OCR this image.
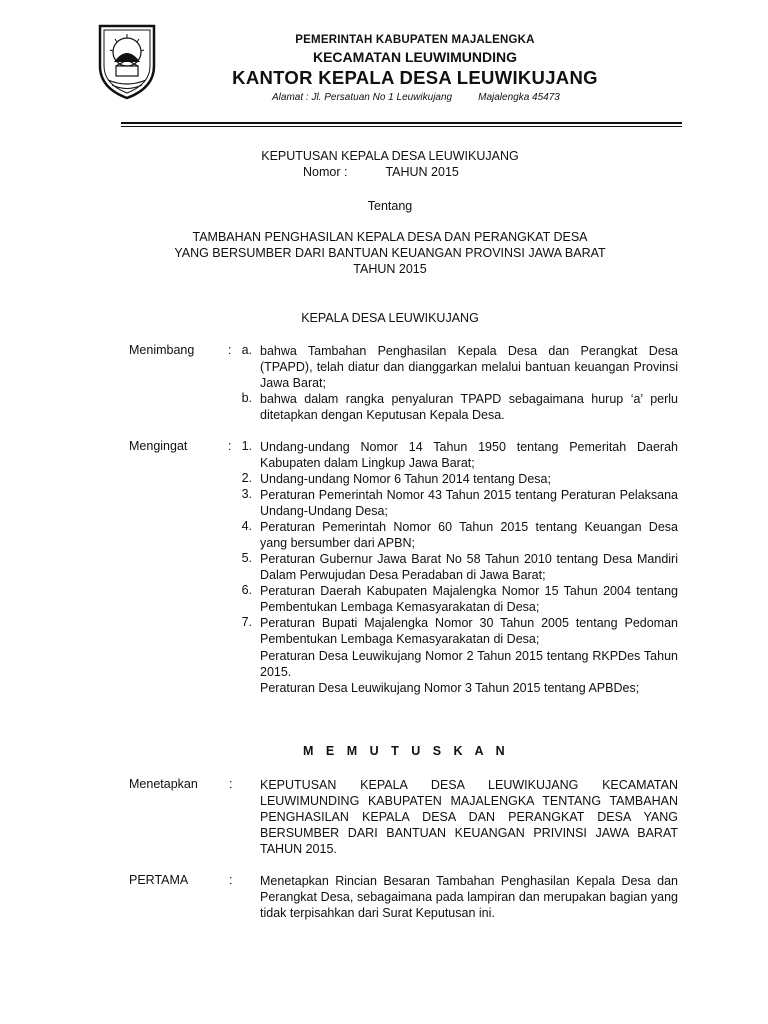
PEMERINTAH KABUPATEN MAJALENGKA
KECAMATAN LEUWIMUNDING
KANTOR KEPALA DESA LEUWIKUJANG
Alamat : Jl. Persatuan No 1 Leuwikujang	Majalengka 45473
KEPUTUSAN KEPALA DESA LEUWIKUJANG
Nomor :	TAHUN 2015
Tentang
TAMBAHAN PENGHASILAN KEPALA DESA DAN PERANGKAT DESA
YANG BERSUMBER DARI BANTUAN KEUANGAN PROVINSI JAWA BARAT
TAHUN 2015
KEPALA DESA LEUWIKUJANG
Menimbang	: a. bahwa Tambahan Penghasilan Kepala Desa dan Perangkat Desa (TPAPD), telah diatur dan dianggarkan melalui bantuan keuangan Provinsi Jawa Barat;
b. bahwa dalam rangka penyaluran TPAPD sebagaimana hurup ‘a’ perlu ditetapkan dengan Keputusan Kepala Desa.
Mengingat	: 1. Undang-undang Nomor 14 Tahun 1950 tentang Pemeritah Daerah Kabupaten dalam Lingkup Jawa Barat;
2. Undang-undang Nomor 6 Tahun 2014 tentang Desa;
3. Peraturan Pemerintah Nomor 43 Tahun 2015 tentang Peraturan Pelaksana Undang-Undang Desa;
4. Peraturan Pemerintah Nomor 60 Tahun 2015 tentang Keuangan Desa yang bersumber dari APBN;
5. Peraturan Gubernur Jawa Barat No 58 Tahun 2010 tentang Desa Mandiri Dalam Perwujudan Desa Peradaban di Jawa Barat;
6. Peraturan Daerah Kabupaten Majalengka Nomor 15 Tahun 2004 tentang Pembentukan Lembaga Kemasyarakatan di Desa;
7. Peraturan Bupati Majalengka Nomor 30 Tahun 2005 tentang Pedoman Pembentukan Lembaga Kemasyarakatan di Desa;
Peraturan Desa Leuwikujang Nomor 2 Tahun 2015 tentang RKPDes Tahun 2015.
Peraturan Desa Leuwikujang Nomor 3 Tahun 2015 tentang APBDes;
M E M U T U S K A N
Menetapkan : KEPUTUSAN KEPALA DESA LEUWIKUJANG KECAMATAN LEUWIMUNDING KABUPATEN MAJALENGKA TENTANG TAMBAHAN PENGHASILAN KEPALA DESA DAN PERANGKAT DESA YANG BERSUMBER DARI BANTUAN KEUANGAN PRIVINSI JAWA BARAT TAHUN 2015.
PERTAMA	: Menetapkan Rincian Besaran Tambahan Penghasilan Kepala Desa dan Perangkat Desa, sebagaimana pada lampiran dan merupakan bagian yang tidak terpisahkan dari Surat Keputusan ini.
